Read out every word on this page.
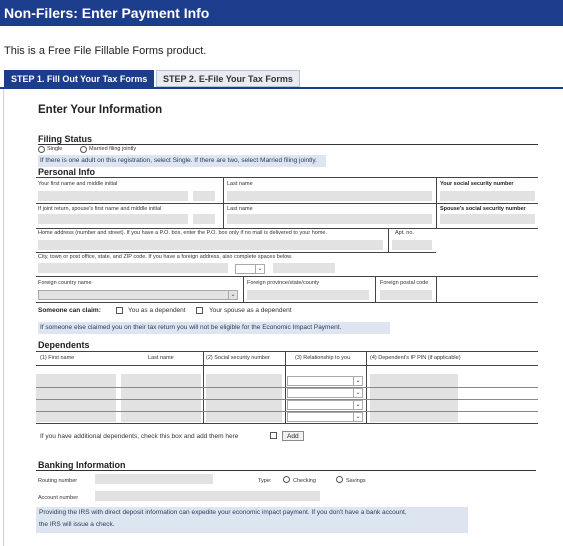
Non-Filers: Enter Payment Info
This is a Free File Fillable Forms product.
STEP 1. Fill Out Your Tax Forms	STEP 2. E-File Your Tax Forms
Enter Your Information
Filing Status
Single	Married filing jointly
If there is one adult on this registration, select Single. If there are two, select Married filing jointly.
Personal Info
Your first name and middle initial	Last name	Your social security number
If joint return, spouse's first name and middle initial	Last name	Spouse's social security number
Home address (number and street). If you have a P.O. box, enter the P.O. box only if no mail is delivered to your home.	Apt. no.
City, town or post office, state, and ZIP code. If you have a foreign address, also complete spaces below.
⌄
Foreign country name
⌄
Foreign province/state/county	Foreign postal code
Someone can claim:	You as a dependent	Your spouse as a dependent
If someone else claimed you on their tax return you will not be eligible for the Economic Impact Payment.
Dependents
(1) First name	Last name	(2) Social security number	(3) Relationship to you	(4) Dependent's IP PIN (if applicable)
⌄
⌄
⌄
⌄
If you have additional dependents, check this box and add them here	Add
Banking Information
Routing number	Type:	Checking	Savings
Account number
Providing the IRS with direct deposit information can expedite your economic impact payment. If you don't have a bank account,
the IRS will issue a check.
